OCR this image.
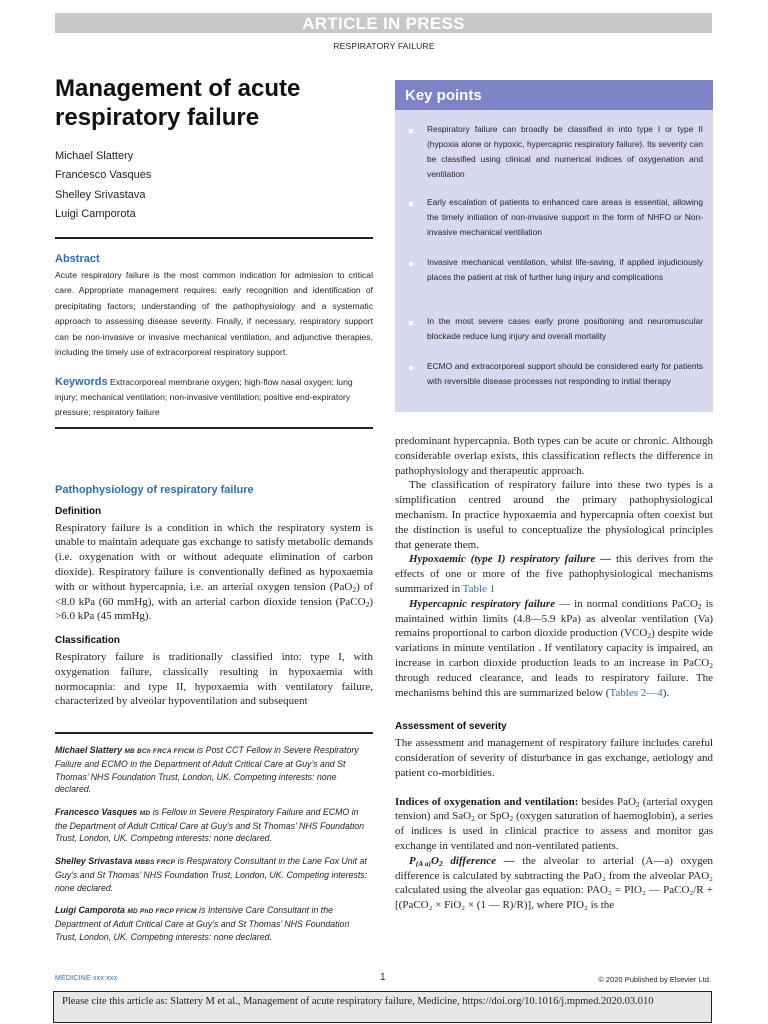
ARTICLE IN PRESS
RESPIRATORY FAILURE
Management of acute respiratory failure
Michael Slattery
Francesco Vasques
Shelley Srivastava
Luigi Camporota
Abstract
Acute respiratory failure is the most common indication for admission to critical care. Appropriate management requires: early recognition and identification of precipitating factors; understanding of the pathophysiology and a systematic approach to assessing disease severity. Finally, if necessary, respiratory support can be non-invasive or invasive mechanical ventilation, and adjunctive therapies, including the timely use of extracorporeal respiratory support.
Keywords Extracorporeal membrane oxygen; high-flow nasal oxygen; lung injury; mechanical ventilation; non-invasive ventilation; positive end-expiratory pressure; respiratory failure
Key points
Respiratory failure can broadly be classified in into type I or type II (hypoxia alone or hypoxic, hypercapnic respiratory failure). Its severity can be classified using clinical and numerical indices of oxygenation and ventilation
Early escalation of patients to enhanced care areas is essential, allowing the timely initiation of non-invasive support in the form of NHFO or Non-invasive mechanical ventilation
Invasive mechanical ventilation, whilst life-saving, if applied injudiciously places the patient at risk of further lung injury and complications
In the most severe cases early prone positioning and neuromuscular blockade reduce lung injury and overall mortality
ECMO and extracorporeal support should be considered early for patients with reversible disease processes not responding to initial therapy
Pathophysiology of respiratory failure
Definition

Respiratory failure is a condition in which the respiratory system is unable to maintain adequate gas exchange to satisfy metabolic demands (i.e. oxygenation with or without adequate elimination of carbon dioxide). Respiratory failure is conventionally defined as hypoxaemia with or without hypercapnia, i.e. an arterial oxygen tension (PaO$_2$) of <8.0 kPa (60 mmHg), with an arterial carbon dioxide tension (PaCO$_2$) >6.0 kPa (45 mmHg).

Classification

Respiratory failure is traditionally classified into: type I, with oxygenation failure, classically resulting in hypoxaemia with normocapnia: and type II, hypoxaemia with ventilatory failure, characterized by alveolar hypoventilation and subsequent

Michael Slattery MB BCh FRCA FFICM is Post CCT Fellow in Severe Respiratory Failure and ECMO in the Department of Adult Critical Care at Guy’s and St Thomas’ NHS Foundation Trust, London, UK. Competing interests: none declared.
Francesco Vasques MD is Fellow in Severe Respiratory Failure and ECMO in the Department of Adult Critical Care at Guy’s and St Thomas’ NHS Foundation Trust, London, UK. Competing interests: none declared.
Shelley Srivastava MBBS FRCP is Respiratory Consultant in the Lane Fox Unit at Guy’s and St Thomas’ NHS Foundation Trust, London, UK. Competing interests: none declared.
Luigi Camporota MD PhD FRCP FFICM is Intensive Care Consultant in the Department of Adult Critical Care at Guy’s and St Thomas’ NHS Foundation Trust, London, UK. Competing interests: none declared.

predominant hypercapnia. Both types can be acute or chronic. Although considerable overlap exists, this classification reflects the difference in pathophysiology and therapeutic approach.

The classification of respiratory failure into these two types is a simplification centred around the primary pathophysiological mechanism. In practice hypoxaemia and hypercapnia often coexist but the distinction is useful to conceptualize the physiological principles that generate them.

Hypoxaemic (type I) respiratory failure — this derives from the effects of one or more of the five pathophysiological mechanisms summarized in Table 1

Hypercapnic respiratory failure — in normal conditions PaCO$_2$ is maintained within limits (4.8—5.9 kPa) as alveolar ventilation (Va) remains proportional to carbon dioxide production $(VCO_2)$ despite wide variations in minute ventilation . If ventilatory capacity is impaired, an increase in carbon dioxide production leads to an increase in PaCO$_2$ through reduced clearance, and leads to respiratory failure. The mechanisms behind this are summarized below (Tables 2—4).

Assessment of severity

The assessment and management of respiratory failure includes careful consideration of severity of disturbance in gas exchange, aetiology and patient co-morbidities.

Indices of oxygenation and ventilation: besides PaO$_2$ (arterial oxygen tension) and SaO$_2$ or SpO$_2$ (oxygen saturation of haemoglobin), a series of indices is used in clinical practice to assess and monitor gas exchange in ventilated and non-ventilated patients.

$P_{(A a)}O_2$ difference — the alveolar to arterial (A—a) oxygen difference is calculated by subtracting the PaO₂ from the alveolar PAO₂ calculated using the alveolar gas equation: PAO₂ = PIO₂ — PaCO₂/R + [(PaCO₂ × FiO₂ × (1 — R)/R)], where PIO₂ is the

MEDICINE xxx:xxx	1	© 2020 Published by Elsevier Ltd.
Please cite this article as: Slattery M et al., Management of acute respiratory failure, Medicine, https://doi.org/10.1016/j.mpmed.2020.03.010
